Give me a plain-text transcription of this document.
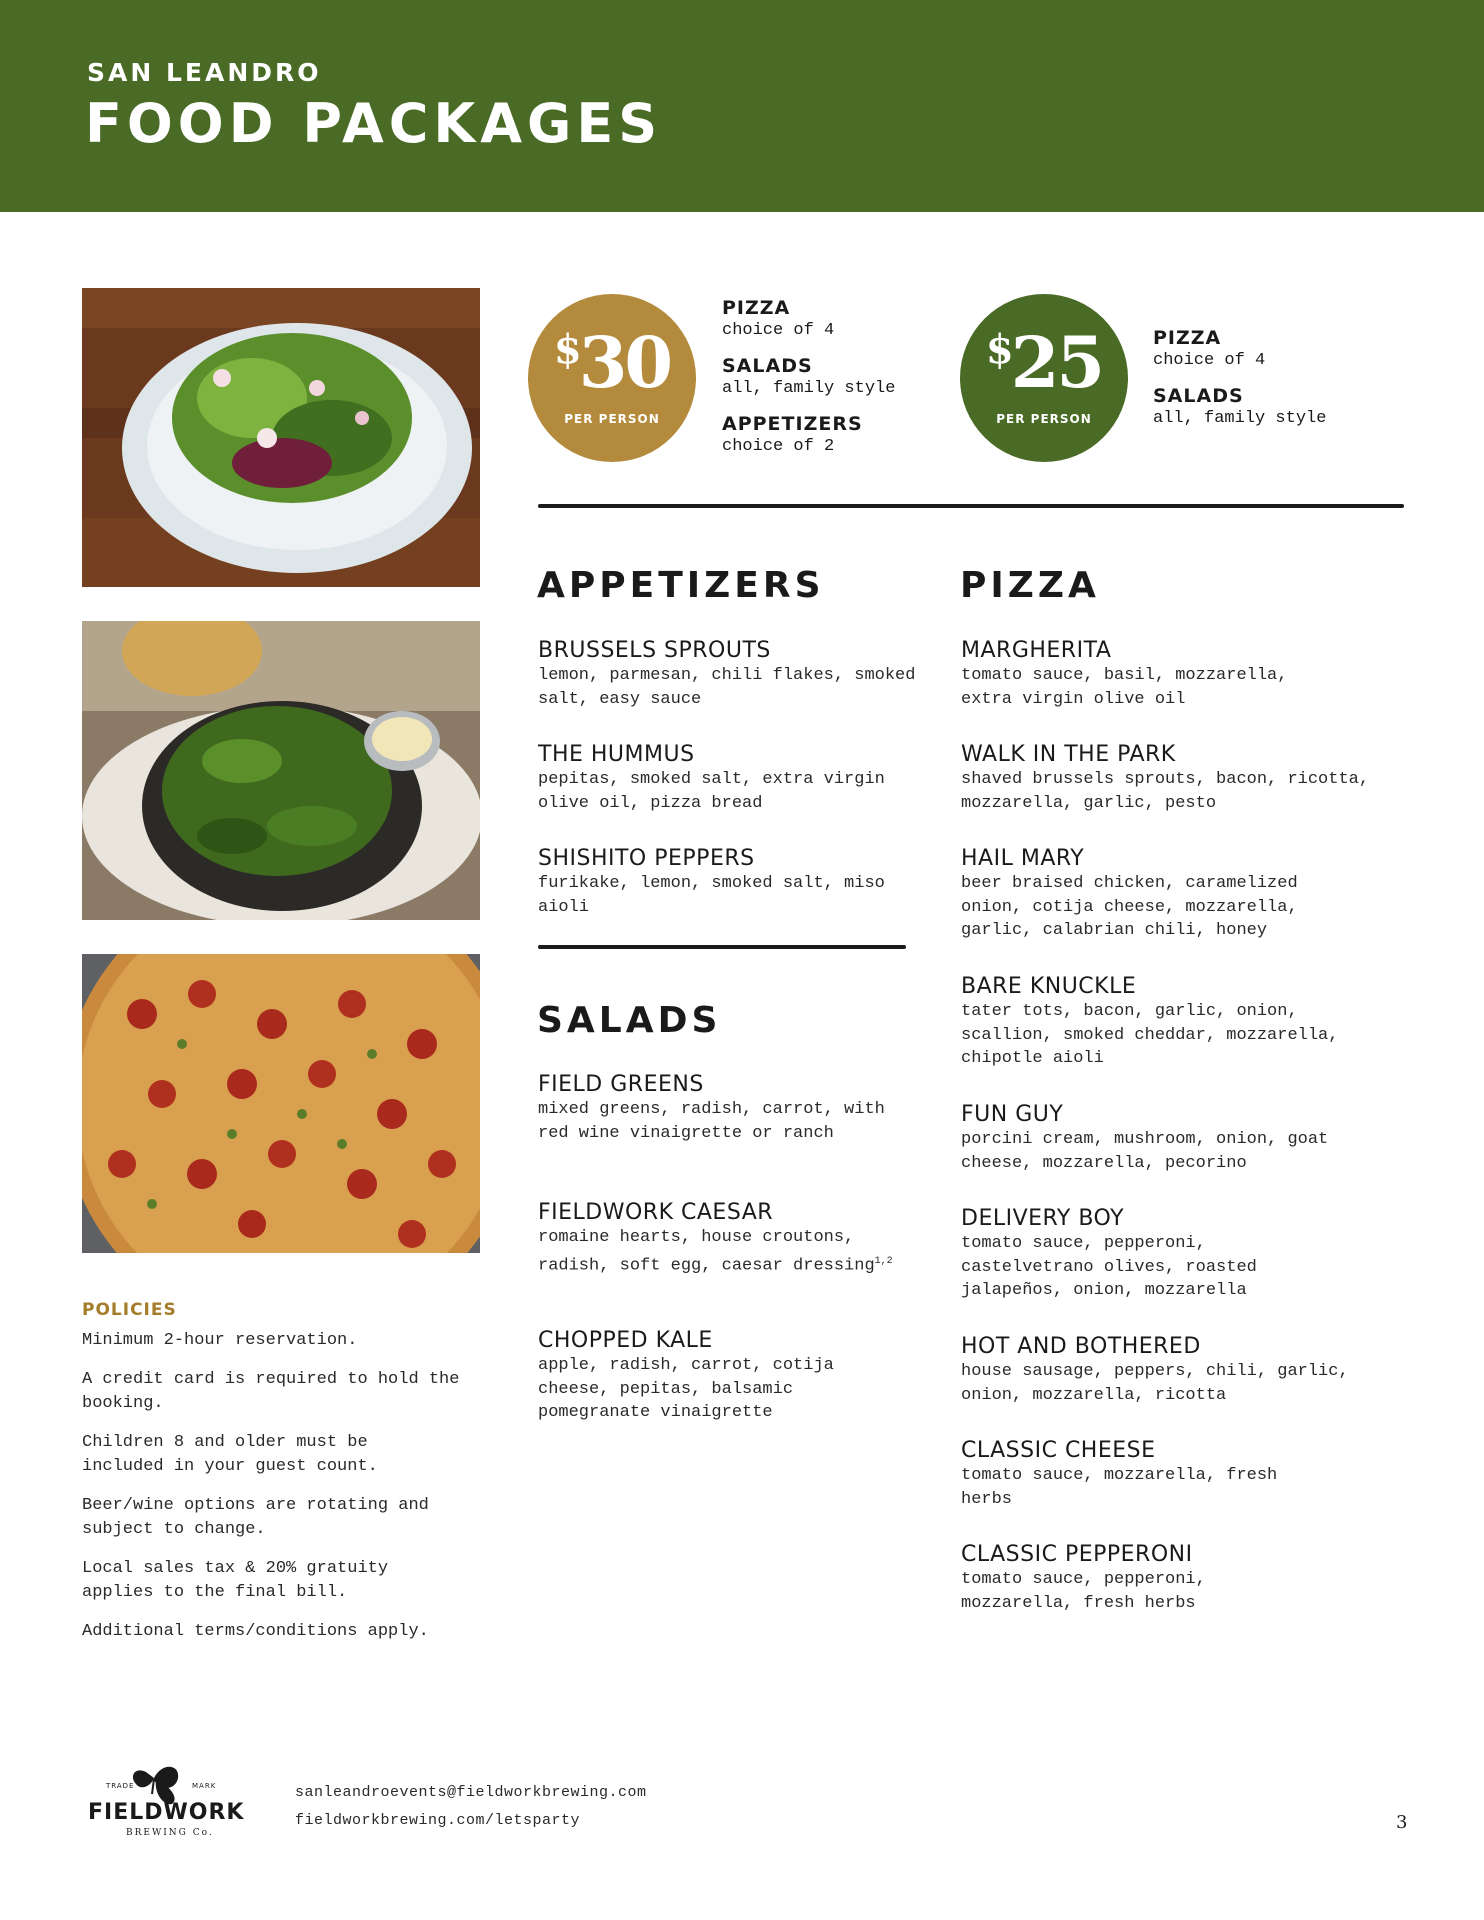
SAN LEANDRO
FOOD PACKAGES
$30
PER PERSON

PIZZA

choice of 4

SALADS

all, family style

APPETIZERS

choice of 2

$25
PER PERSON

PIZZA

choice of 4

SALADS

all, family style

APPETIZERS
BRUSSELS SPROUTS
lemon, parmesan, chili flakes, smoked salt, easy sauce
THE HUMMUS
pepitas, smoked salt, extra virgin olive oil, pizza bread
SHISHITO PEPPERS
furikake, lemon, smoked salt, miso aioli
SALADS
FIELD GREENS
mixed greens, radish, carrot, with red wine vinaigrette or ranch
FIELDWORK CAESAR
romaine hearts, house croutons, radish, soft egg, caesar dressing$^{1,2}$
CHOPPED KALE
apple, radish, carrot, cotija cheese, pepitas, balsamic pomegranate vinaigrette
PIZZA
MARGHERITA
tomato sauce, basil, mozzarella, extra virgin olive oil
WALK IN THE PARK
shaved brussels sprouts, bacon, ricotta, mozzarella, garlic, pesto
HAIL MARY
beer braised chicken, caramelized onion, cotija cheese, mozzarella, garlic, calabrian chili, honey
BARE KNUCKLE
tater tots, bacon, garlic, onion, scallion, smoked cheddar, mozzarella, chipotle aioli
FUN GUY
porcini cream, mushroom, onion, goat cheese, mozzarella, pecorino
DELIVERY BOY
tomato sauce, pepperoni, castelvetrano olives, roasted jalapeños, onion, mozzarella
HOT AND BOTHERED
house sausage, peppers, chili, garlic, onion, mozzarella, ricotta
CLASSIC CHEESE
tomato sauce, mozzarella, fresh herbs
CLASSIC PEPPERONI
tomato sauce, pepperoni, mozzarella, fresh herbs
POLICIES
Minimum 2-hour reservation.
A credit card is required to hold the booking.
Children 8 and older must be included in your guest count.
Beer/wine options are rotating and subject to change.
Local sales tax & 20% gratuity applies to the final bill.
Additional terms/conditions apply.
TRADE	MARK
FIELDWORK
BREWING Co.
sanleandroevents@fieldworkbrewing.com
fieldworkbrewing.com/letsparty	3
